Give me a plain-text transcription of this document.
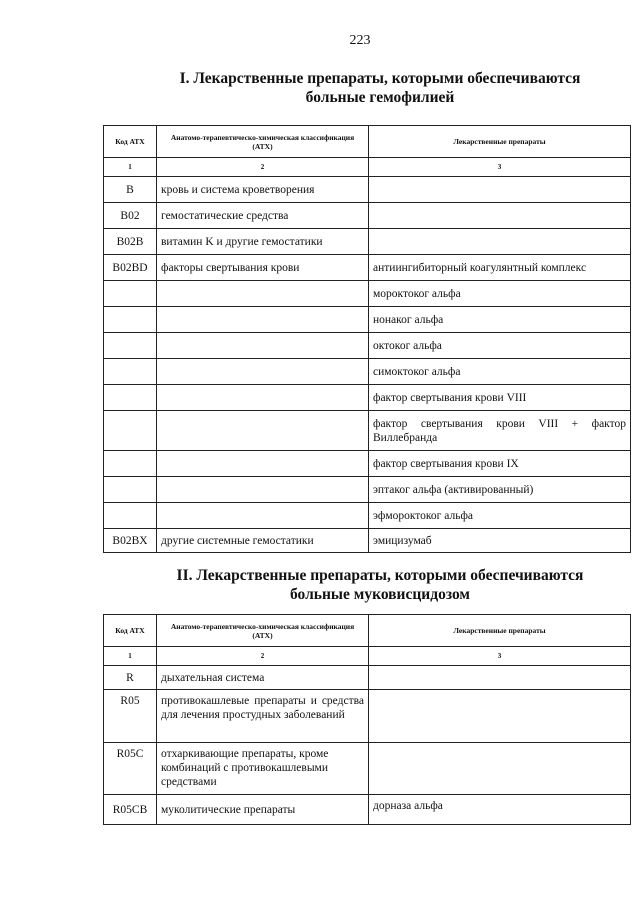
223
I. Лекарственные препараты, которыми обеспечиваются
больные гемофилией
Код АТХ	Анатомо-терапевтическо-химическая классификация (АТХ)	Лекарственные препараты
1	2	3
B	кровь и система кроветворения	
B02	гемостатические средства	
B02B	витамин K и другие гемостатики	
B02BD	факторы свертывания крови	антиингибиторный коагулянтный комплекс
		мороктоког альфа
		нонаког альфа
		октоког альфа
		симоктоког альфа
		фактор свертывания крови VIII
		фактор свертывания крови VIII + фактор Виллебранда
		фактор свертывания крови IX
		эптаког альфа (активированный)
		эфмороктоког альфа
B02BX	другие системные гемостатики	эмицизумаб
II. Лекарственные препараты, которыми обеспечиваются
больные муковисцидозом
Код АТХ	Анатомо-терапевтическо-химическая классификация (АТХ)	Лекарственные препараты
1	2	3
R	дыхательная система	
R05	противокашлевые препараты и средства для лечения простудных заболеваний	
R05C	отхаркивающие препараты, кроме комбинаций с противокашлевыми средствами	
R05CB	муколитические препараты	дорназа альфа
